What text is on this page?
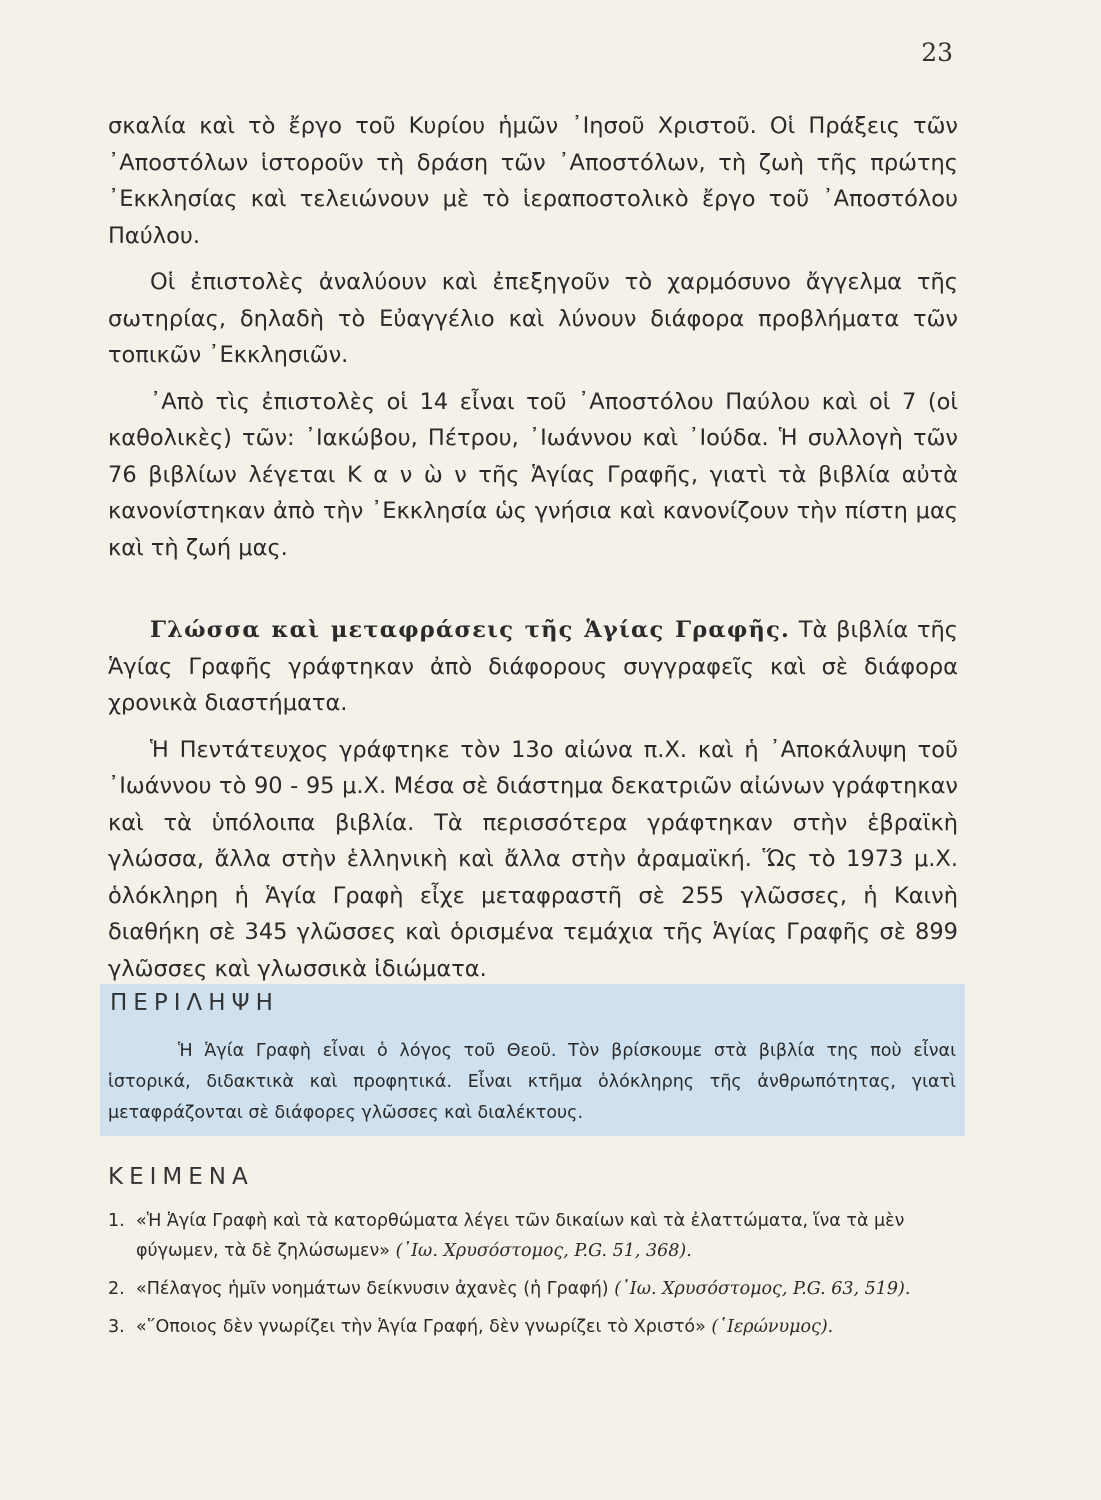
23

σκαλία καὶ τὸ ἔργο τοῦ Κυρίου ἡμῶν ᾿Ιησοῦ Χριστοῦ. Οἱ Πράξεις τῶν ᾿Αποστόλων ἱστοροῦν τὴ δράση τῶν ᾿Αποστόλων, τὴ ζωὴ τῆς πρώτης ᾿Εκκλησίας καὶ τελειώνουν μὲ τὸ ἱεραποστολικὸ ἔργο τοῦ ᾿Αποστόλου Παύλου.

Οἱ ἐπιστολὲς ἀναλύουν καὶ ἐπεξηγοῦν τὸ χαρμόσυνο ἄγγελμα τῆς σωτηρίας, δηλαδὴ τὸ Εὐαγγέλιο καὶ λύνουν διάφορα προβλήματα τῶν τοπικῶν ᾿Εκκλησιῶν.

᾿Απὸ τὶς ἐπιστολὲς οἱ 14 εἶναι τοῦ ᾿Αποστόλου Παύλου καὶ οἱ 7 (οἱ καθολικὲς) τῶν: ᾿Ιακώβου, Πέτρου, ᾿Ιωάννου καὶ ᾿Ιούδα. Ἡ συλλογὴ τῶν 76 βιβλίων λέγεται Κ α ν ὼ ν τῆς Ἁγίας Γραφῆς, γιατὶ τὰ βιβλία αὐτὰ κανονίστηκαν ἀπὸ τὴν ᾿Εκκλησία ὡς γνήσια καὶ κανονίζουν τὴν πίστη μας καὶ τὴ ζωή μας.

Γλώσσα καὶ μεταφράσεις τῆς Ἁγίας Γραφῆς. Τὰ βιβλία τῆς Ἁγίας Γραφῆς γράφτηκαν ἀπὸ διάφορους συγγραφεῖς καὶ σὲ διάφορα χρονικὰ διαστήματα.

Ἡ Πεντάτευχος γράφτηκε τὸν 13ο αἰώνα π.Χ. καὶ ἡ ᾿Αποκάλυψη τοῦ ᾿Ιωάννου τὸ 90 - 95 μ.Χ. Μέσα σὲ διάστημα δεκατριῶν αἰώνων γράφτηκαν καὶ τὰ ὑπόλοιπα βιβλία. Τὰ περισσότερα γράφτηκαν στὴν ἑβραϊκὴ γλώσσα, ἄλλα στὴν ἑλληνικὴ καὶ ἄλλα στὴν ἀραμαϊκή. Ὥς τὸ 1973 μ.Χ. ὁλόκληρη ἡ Ἁγία Γραφὴ εἶχε μεταφραστῆ σὲ 255 γλῶσσες, ἡ Καινὴ διαθήκη σὲ 345 γλῶσσες καὶ ὁρισμένα τεμάχια τῆς Ἁγίας Γραφῆς σὲ 899 γλῶσσες καὶ γλωσσικὰ ἰδιώματα.

ΠΕΡΙΛΗΨΗ
Ἡ Ἁγία Γραφὴ εἶναι ὁ λόγος τοῦ Θεοῦ. Τὸν βρίσκουμε στὰ βιβλία της ποὺ εἶναι ἱστορικά, διδακτικὰ καὶ προφητικά. Εἶναι κτῆμα ὁλόκληρης τῆς ἀνθρωπότητας, γιατὶ μεταφράζονται σὲ διάφορες γλῶσσες καὶ διαλέκτους.
ΚΕΙΜΕΝΑ
1. «Ἡ Ἁγία Γραφὴ καὶ τὰ κατορθώματα λέγει τῶν δικαίων καὶ τὰ ἐλαττώματα, ἵνα τὰ μὲν φύγωμεν, τὰ δὲ ζηλώσωμεν» (᾿Ιω. Χρυσόστομος, P.G. 51, 368).
2. «Πέλαγος ἡμῖν νοημάτων δείκνυσιν ἀχανὲς (ἡ Γραφή) (᾿Ιω. Χρυσόστομος, P.G. 63, 519).
3. «῞Οποιος δὲν γνωρίζει τὴν Ἁγία Γραφή, δὲν γνωρίζει τὸ Χριστό» (῾Ιερώνυμος).
